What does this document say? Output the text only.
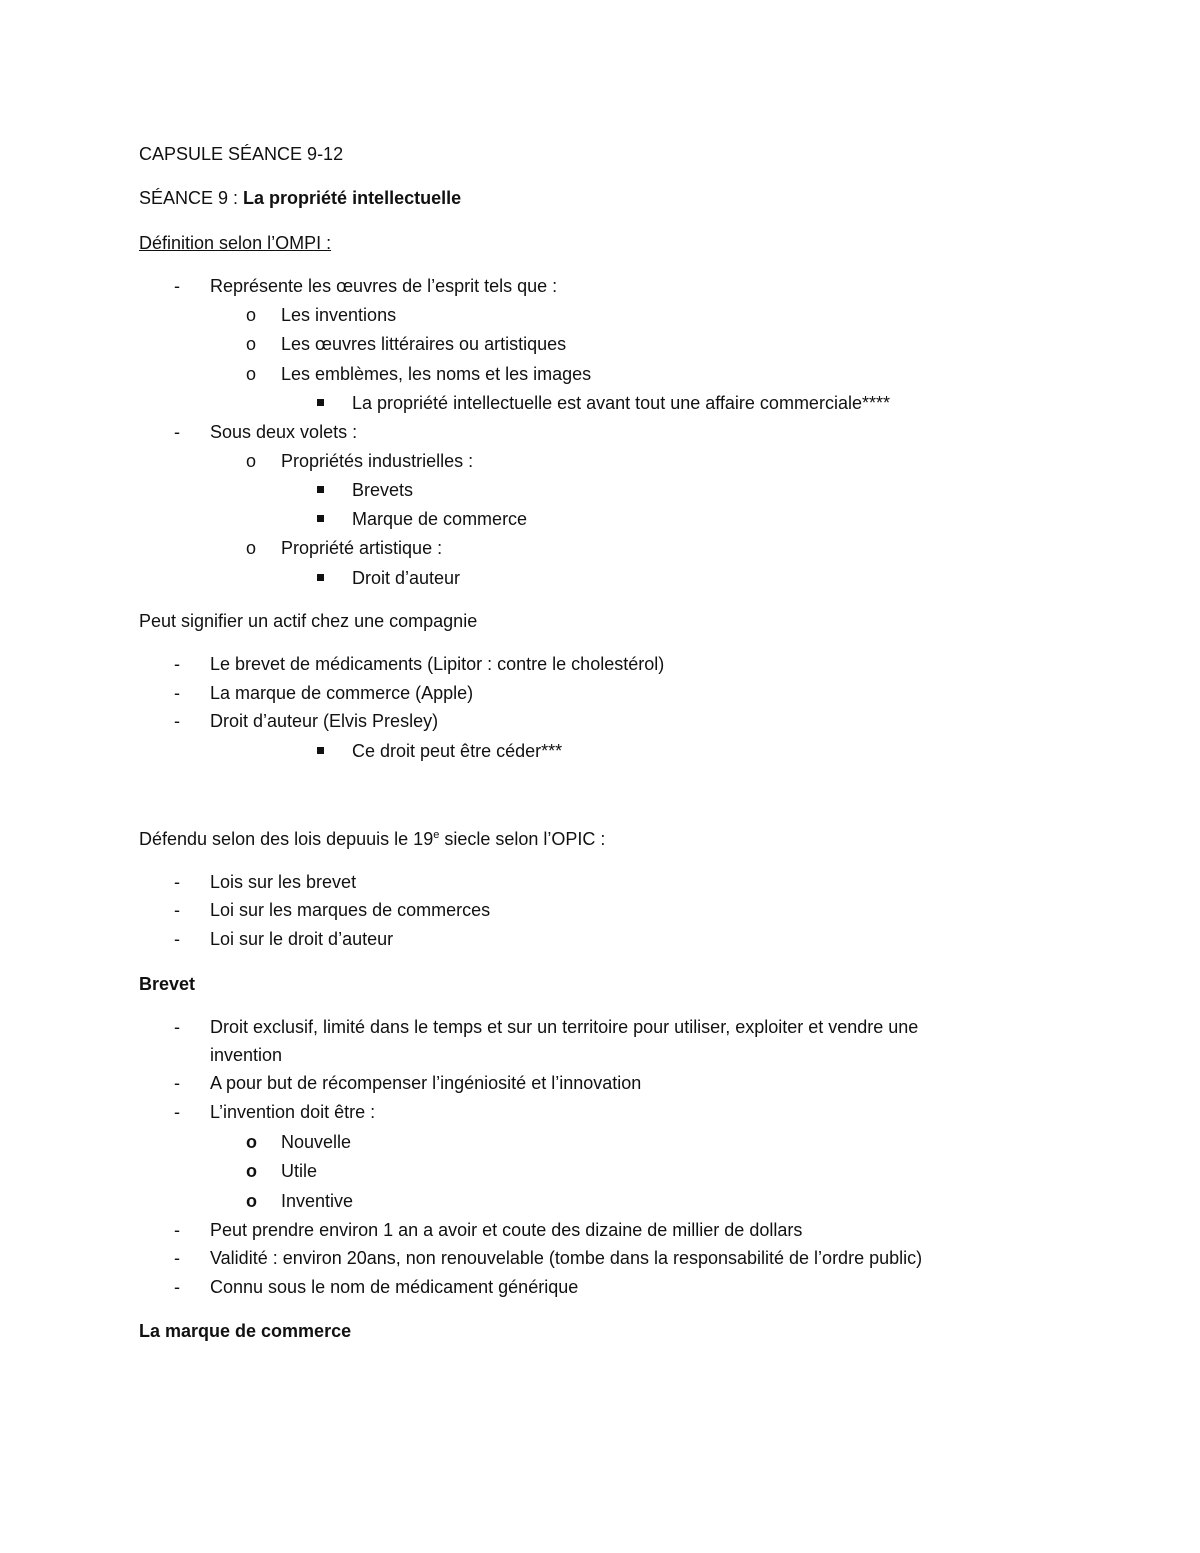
CAPSULE SÉANCE 9-12
SÉANCE 9 : La propriété intellectuelle
Définition selon l’OMPI :
- Représente les œuvres de l’esprit tels que :
o Les inventions
o Les œuvres littéraires ou artistiques
o Les emblèmes, les noms et les images
La propriété intellectuelle est avant tout une affaire commerciale****
- Sous deux volets :
o Propriétés industrielles :
Brevets
Marque de commerce
o Propriété artistique :
Droit d’auteur
Peut signifier un actif chez une compagnie
- Le brevet de médicaments (Lipitor : contre le cholestérol)
- La marque de commerce (Apple)
- Droit d’auteur (Elvis Presley)
Ce droit peut être céder***
Défendu selon des lois depuuis le 19e siecle selon l’OPIC :
- Lois sur les brevet
- Loi sur les marques de commerces
- Loi sur le droit d’auteur
Brevet
- Droit exclusif, limité dans le temps et sur un territoire pour utiliser, exploiter et vendre une
invention
- A pour but de récompenser l’ingéniosité et l’innovation
- L’invention doit être :
o Nouvelle
o Utile
o Inventive
- Peut prendre environ 1 an a avoir et coute des dizaine de millier de dollars
- Validité : environ 20ans, non renouvelable (tombe dans la responsabilité de l’ordre public)
- Connu sous le nom de médicament générique
La marque de commerce
